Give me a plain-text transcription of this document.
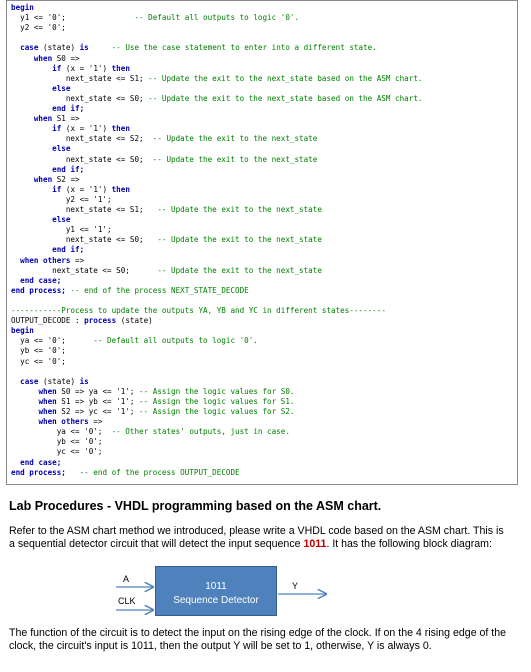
begin
y1 <= '0';               -- Default all outputs to logic '0'.
y2 <= '0';
case (state) is	-- Use the case statement to enter into a different state.
when S0 =>
if (x = '1') then
next_state <= S1; -- Update the exit to the next_state based on the ASM chart.
else
next_state <= S0; -- Update the exit to the next_state based on the ASM chart.
end if;
when S1 =>
if (x = '1') then
next_state <= S2;  -- Update the exit to the next_state
else
next_state <= S0;  -- Update the exit to the next_state
end if;
when S2 =>
if (x = '1') then
y2 <= '1';
next_state <= S1;   -- Update the exit to the next_state
else
y1 <= '1';
next_state <= S0;   -- Update the exit to the next_state
end if;
when others =>
next_state <= S0;      -- Update the exit to the next_state
end case;
end process; -- end of the process NEXT_STATE_DECODE
-----------Process to update the outputs YA, YB and YC in different states--------
OUTPUT_DECODE : process (state)
begin
ya <= '0';      -- Default all outputs to logic '0'.
yb <= '0';
yc <= '0';
case (state) is
when S0 => ya <= '1'; -- Assign the logic values for S0.
when S1 => yb <= '1'; -- Assign the logic values for S1.
when S2 => yc <= '1'; -- Assign the logic values for S2.
when others =>
ya <= '0';  -- Other states' outputs, just in case.
yb <= '0';
yc <= '0';
end case;
end process; -- end of the process OUTPUT_DECODE
Lab Procedures - VHDL programming based on the ASM chart.
Refer to the ASM chart method we introduced, please write a VHDL code based on the ASM chart. This is a sequential detector circuit that will detect the input sequence 1011. It has the following block diagram:
A
CLK
Y
1011
Sequence Detector
The function of the circuit is to detect the input on the rising edge of the clock. If on the 4 rising edge of the clock, the circuit's input is 1011, then the output Y will be set to 1, otherwise, Y is always 0.
